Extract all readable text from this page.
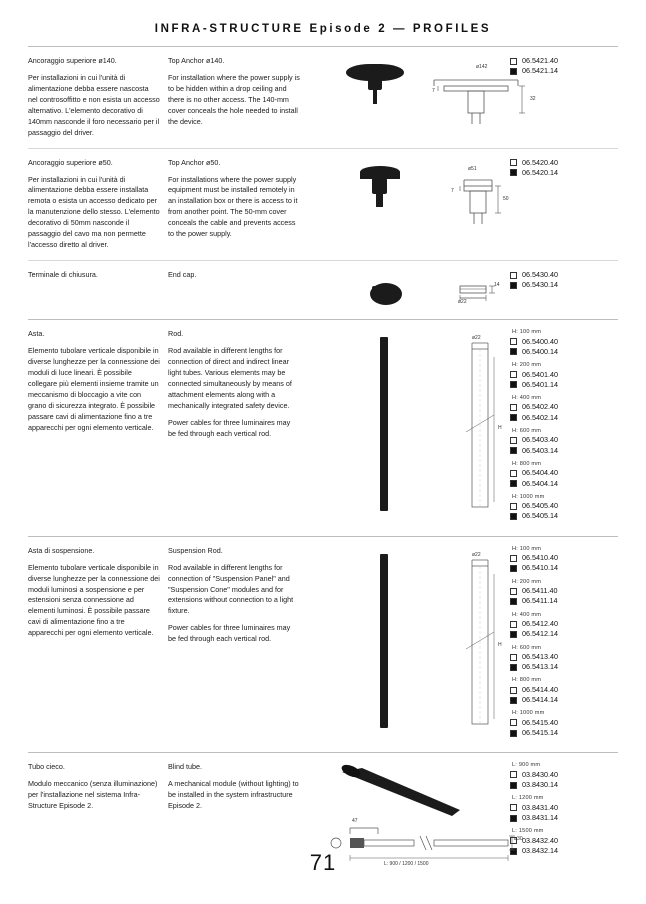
INFRA-STRUCTURE Episode 2 — PROFILES

Ancoraggio superiore ø140.

Per installazioni in cui l'unità di alimentazione debba essere nascosta nel controsoffitto e non esista un accesso alternativo. L'elemento decorativo di 140mm nasconde il foro necessario per il passaggio del driver.

Top Anchor ø140.

For installation where the power supply is to be hidden within a drop ceiling and there is no other access. The 140-mm cover conceals the hole needed to install the device.

ø142
32
7
06.5421.40
06.5421.14

Ancoraggio superiore ø50.

Per installazioni in cui l'unità di alimentazione debba essere installata remota o esista un accesso dedicato per la manutenzione dello stesso. L'elemento decorativo di 50mm nasconde il passaggio del cavo ma non permette l'accesso diretto al driver.

Top Anchor ø50.

For installations where the power supply equipment must be installed remotely in an installation box or there is access to it from another point. The 50-mm cover conceals the cable and prevents access to the power supply.

ø51
50
7
06.5420.40
06.5420.14

Terminale di chiusura.	End cap.

14
ø22
06.5430.40
06.5430.14

Asta.

Elemento tubolare verticale disponibile in diverse lunghezze per la connessione dei moduli di luce lineari. È possibile collegare più elementi insieme tramite un meccanismo di bloccagio a vite con grano di sicurezza integrato. È possibile passare cavi di alimentazione fino a tre apparecchi per ogni elemento verticale.

Rod.

Rod available in different lengths for connection of direct and indirect linear light tubes. Various elements may be connected simultaneously by means of attachment elements along with a mechanically integrated safety device.

Power cables for three luminaires may be fed through each vertical rod.

ø22
H
H: 100 mm
06.5400.40
06.5400.14
H: 200 mm
06.5401.40
06.5401.14
H: 400 mm
06.5402.40
06.5402.14
H: 600 mm
06.5403.40
06.5403.14
H: 800 mm
06.5404.40
06.5404.14
H: 1000 mm
06.5405.40
06.5405.14

Asta di sospensione.

Elemento tubolare verticale disponibile in diverse lunghezze per la connessione dei moduli luminosi a sospensione e per estensioni senza connessione ad elementi luminosi. È possibile passare cavi di alimentazione fino a tre apparecchi per ogni elemento verticale.

Suspension Rod.

Rod available in different lengths for connection of "Suspension Panel" and "Suspension Cone" modules and for extensions without connection to a light fixture.

Power cables for three luminaires may be fed through each vertical rod.

ø22
H
H: 100 mm
06.5410.40
06.5410.14
H: 200 mm
06.5411.40
06.5411.14
H: 400 mm
06.5412.40
06.5412.14
H: 600 mm
06.5413.40
06.5413.14
H: 800 mm
06.5414.40
06.5414.14
H: 1000 mm
06.5415.40
06.5415.14

Tubo cieco.

Modulo meccanico (senza illuminazione) per l'installazione nel sistema Infra-Structure Episode 2.

Blind tube.

A mechanical module (without lighting) to be installed in the system infrastructure Episode 2.

47
ø30
L: 900 / 1200 / 1500
L: 900 mm
03.8430.40
03.8430.14
L: 1200 mm
03.8431.40
03.8431.14
L: 1500 mm
03.8432.40
03.8432.14
71
